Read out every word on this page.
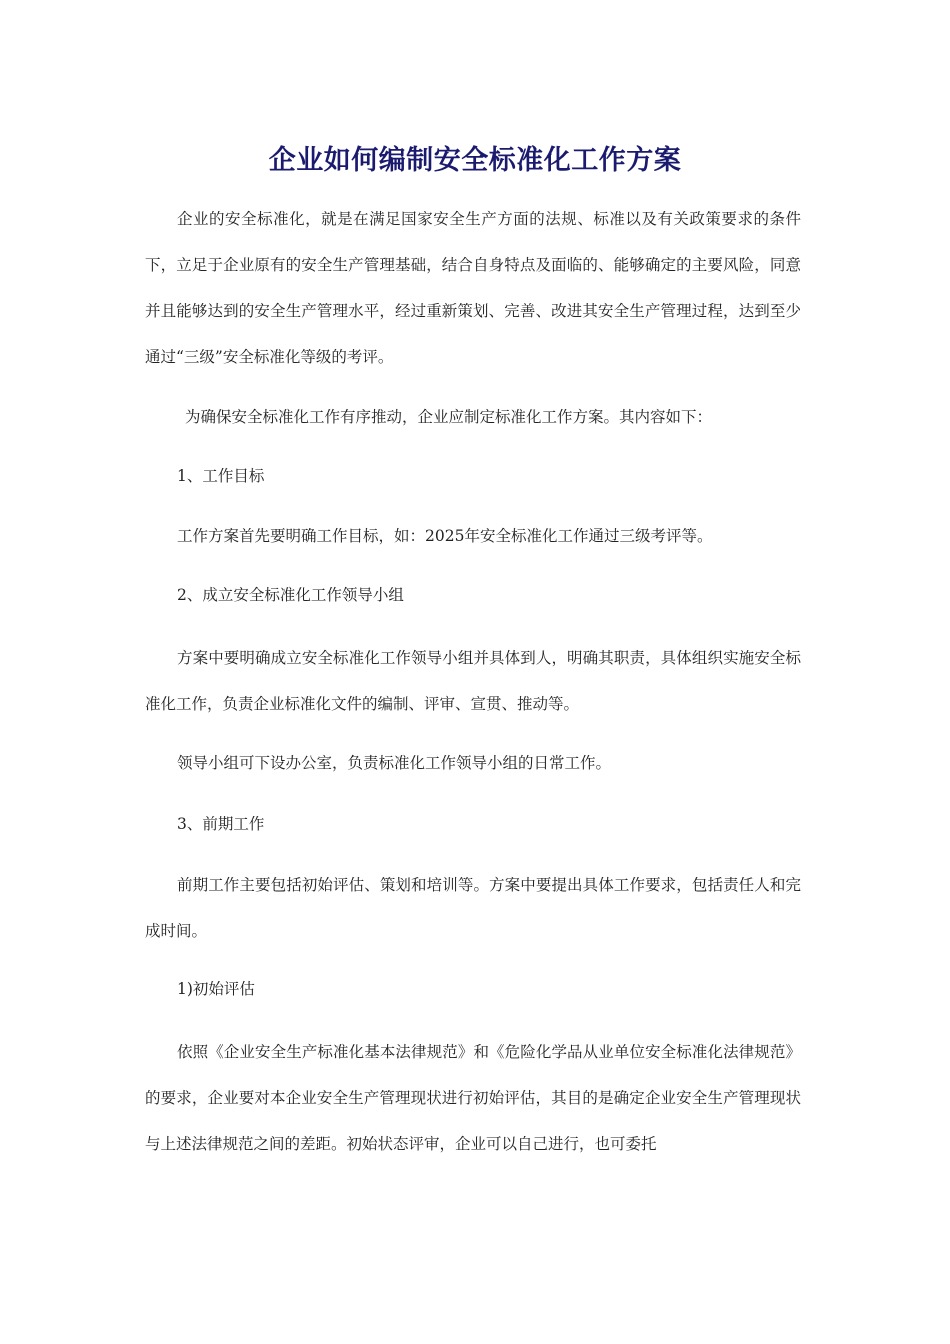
企业如何编制安全标准化工作方案
企业的安全标准化，就是在满足国家安全生产方面的法规、标准以及有关政策要求的条件下，立足于企业原有的安全生产管理基础，结合自身特点及面临的、能够确定的主要风险，同意并且能够达到的安全生产管理水平，经过重新策划、完善、改进其安全生产管理过程，达到至少通过“三级”安全标准化等级的考评。
为确保安全标准化工作有序推动，企业应制定标准化工作方案。其内容如下：
1、工作目标
工作方案首先要明确工作目标，如：2025年安全标准化工作通过三级考评等。
2、成立安全标准化工作领导小组
方案中要明确成立安全标准化工作领导小组并具体到人，明确其职责，具体组织实施安全标准化工作，负责企业标准化文件的编制、评审、宣贯、推动等。
领导小组可下设办公室，负责标准化工作领导小组的日常工作。
3、前期工作
前期工作主要包括初始评估、策划和培训等。方案中要提出具体工作要求，包括责任人和完成时间。
1)初始评估
依照《企业安全生产标准化基本法律规范》和《危险化学品从业单位安全标准化法律规范》的要求，企业要对本企业安全生产管理现状进行初始评估，其目的是确定企业安全生产管理现状与上述法律规范之间的差距。初始状态评审，企业可以自己进行，也可委托
